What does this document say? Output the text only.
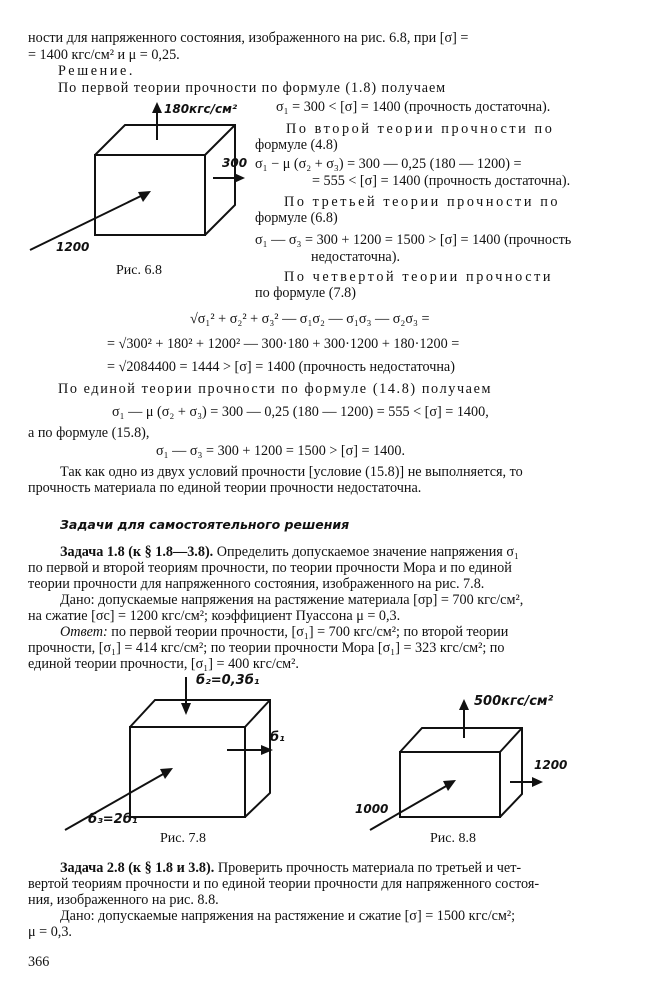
ности для напряженного состояния, изображенного на рис. 6.8, при [σ] =
= 1400 кгс/см² и μ = 0,25.
Решение.
По первой теории прочности по формуле (1.8) получаем
180кгс/см²
300
1200
Рис. 6.8
σ₁ = 300 < [σ] = 1400 (прочность достаточна).
По второй теории прочности по
формуле (4.8)
σ₁ − μ (σ₂ + σ₃) = 300 — 0,25 (180 — 1200) =
= 555 < [σ] = 1400 (прочность достаточна).
По третьей теории прочности по
формуле (6.8)
σ₁ — σ₃ = 300 + 1200 = 1500 > [σ] = 1400 (прочность
недостаточна).
По четвертой теории прочности
по формуле (7.8)
√σ₁² + σ₂² + σ₃² — σ₁σ₂ — σ₁σ₃ — σ₂σ₃ =
= √300² + 180² + 1200² — 300·180 + 300·1200 + 180·1200 =
= √2084400 = 1444 > [σ] = 1400 (прочность недостаточна)
По единой теории прочности по формуле (14.8) получаем
σ₁ — μ (σ₂ + σ₃) = 300 — 0,25 (180 — 1200) = 555 < [σ] = 1400,
а по формуле (15.8),
σ₁ — σ₃ = 300 + 1200 = 1500 > [σ] = 1400.
Так как одно из двух условий прочности [условие (15.8)] не выполняется, то
прочность материала по единой теории прочности недостаточна.
Задачи для самостоятельного решения
Задача 1.8 (к § 1.8—3.8). Определить допускаемое значение напряжения σ₁
по первой и второй теориям прочности, по теории прочности Мора и по единой
теории прочности для напряженного состояния, изображенного на рис. 7.8.
Дано: допускаемые напряжения на растяжение материала [σр] = 700 кгс/см²,
на сжатие [σс] = 1200 кгс/см²; коэффициент Пуассона μ = 0,3.
Ответ: по первой теории прочности, [σ₁] = 700 кгс/см²; по второй теории
прочности, [σ₁] = 414 кгс/см²; по теории прочности Мора [σ₁] = 323 кгс/см²; по
единой теории прочности, [σ₁] = 400 кгс/см².
б₂=0,3б₁
б₁
б₃=2б₁
Рис. 7.8
500кгс/см²
1200
1000
Рис. 8.8
Задача 2.8 (к § 1.8 и 3.8). Проверить прочность материала по третьей и чет-
вертой теориям прочности и по единой теории прочности для напряженного состоя-
ния, изображенного на рис. 8.8.
Дано: допускаемые напряжения на растяжение и сжатие [σ] = 1500 кгс/см²;
μ = 0,3.
366
